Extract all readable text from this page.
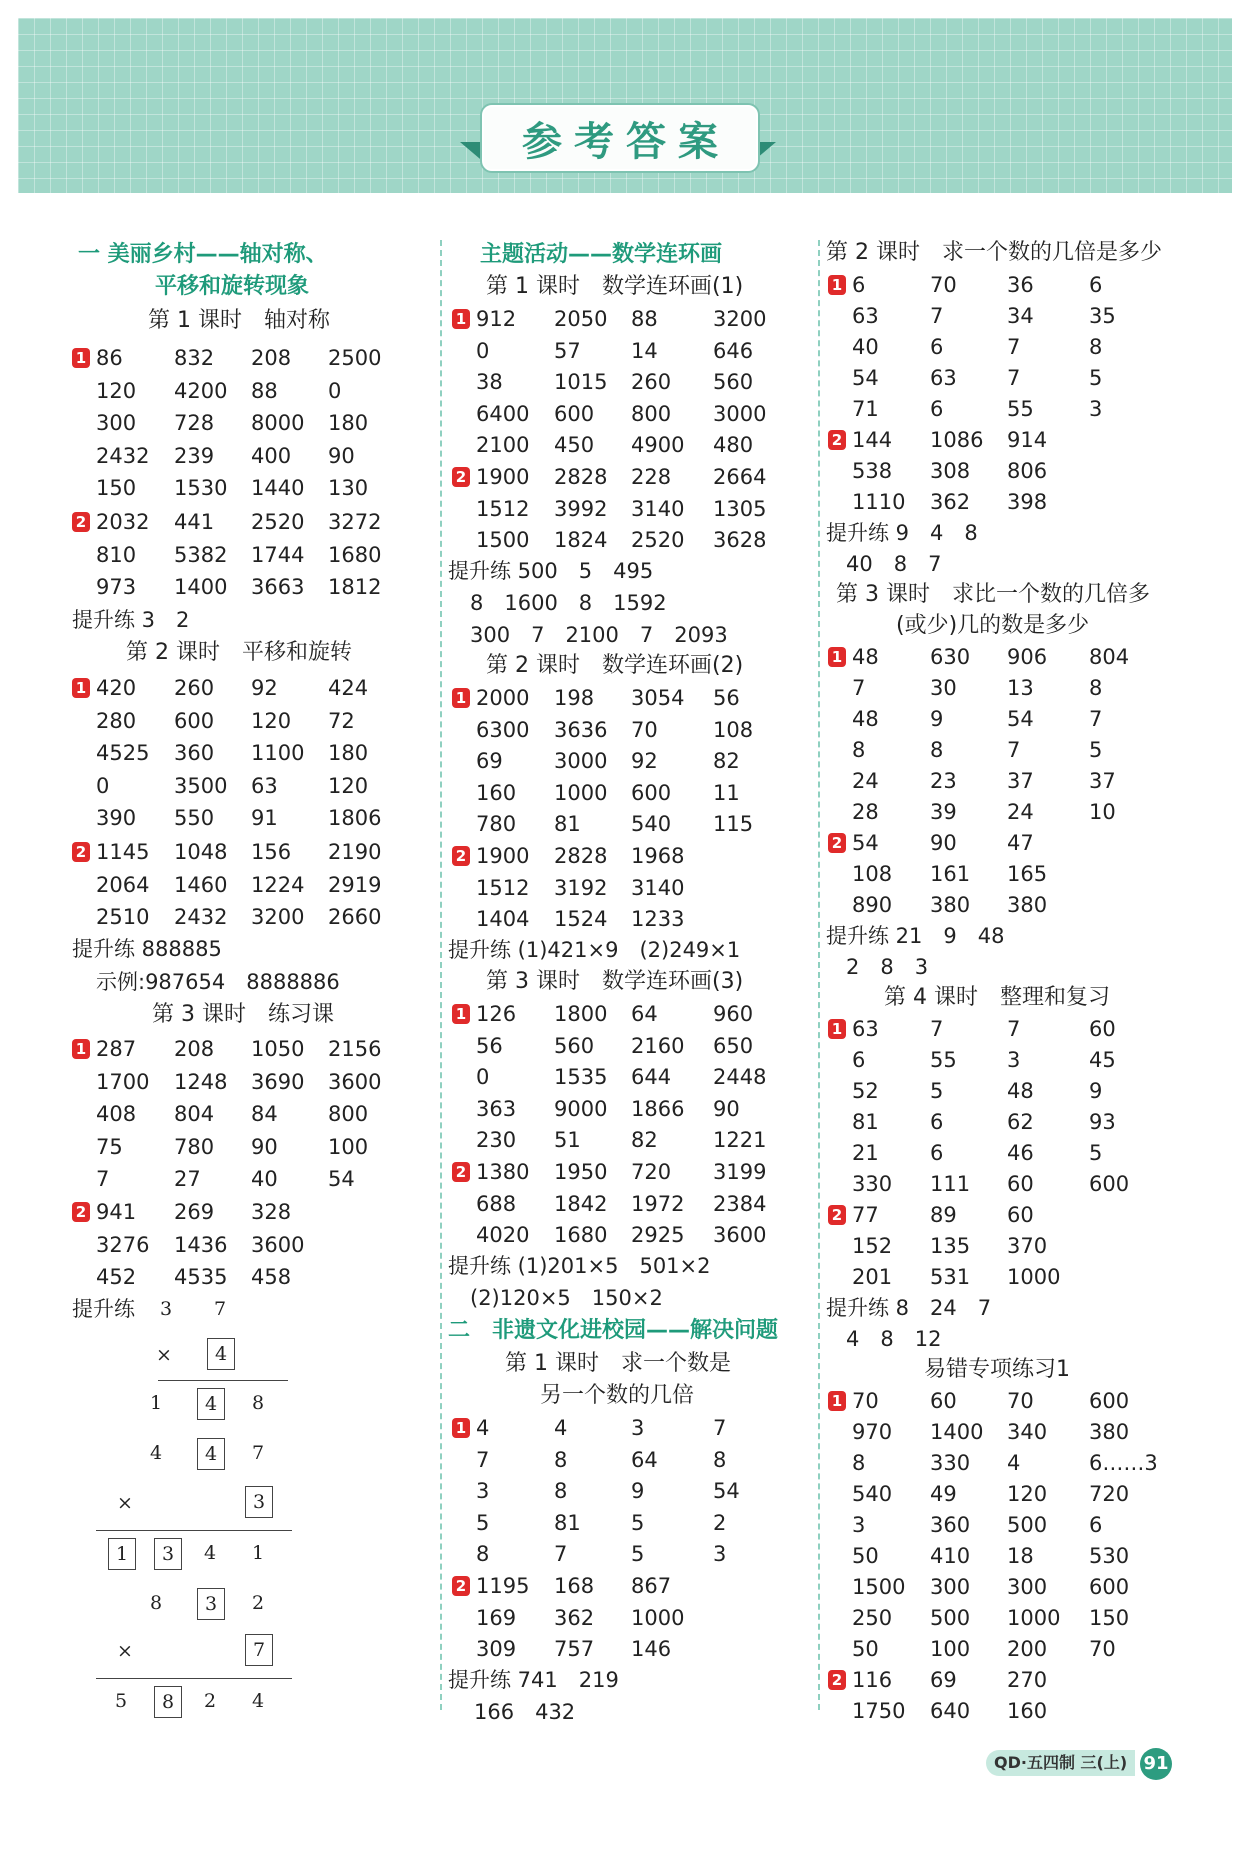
参考答案
一 美丽乡村——轴对称、
平移和旋转现象
第 1 课时　轴对称
1 86 832 208 2500
120 4200 88 0
300 728 8000 180
2432 239 400 90
150 1530 1440 130
2 2032 441 2520 3272
810 5382 1744 1680
973 1400 3663 1812
提升练 3　2
第 2 课时　平移和旋转
1 420 260 92 424
280 600 120 72
4525 360 1100 180
0	3500 63 120
390 550 91 1806
2 1145 1048 156 2190
2064 1460 1224 2919
2510 2432 3200 2660
提升练 888885
示例:987654　8888886
第 3 课时　练习课
1 287 208 1050 2156
1700 1248 3690 3600
408 804 84 800
75 780 90 100
7	27 40 54
2 941 269 328
3276 1436 3600
452 4535 458
提升练	3	7
×	4
1	4	8
4	4	7
×	3
1	3	4	1
8	3	2
×	7
5	8	2	4
主题活动——数学连环画
第 1 课时　数学连环画(1)
1 912 2050 88	3200
0	57 14	646
38 1015 260 560
6400 600 800 3000
2100 450 4900 480
2 1900 2828 228 2664
1512 3992 3140 1305
1500 1824 2520 3628
提升练 500　5　495
8　1600　8　1592
300　7　2100　7　2093
第 2 课时　数学连环画(2)
1 2000 198 3054 56
6300 3636 70	108
69 3000 92	82
160 1000 600 11
780 81 540 115
2 1900 2828 1968
1512 3192 3140
1404 1524 1233
提升练 (1)421×9　(2)249×1
第 3 课时　数学连环画(3)
1 126 1800 64	960
56 560 2160 650
0	1535 644 2448
363 9000 1866 90
230 51 82	1221
2 1380 1950 720 3199
688 1842 1972 2384
4020 1680 2925 3600
提升练 (1)201×5　501×2
(2)120×5　150×2
二　非遗文化进校园——解决问题
第 1 课时　求一个数是
另一个数的几倍
1 4	4	3	7
7	8	64	8
3	8	9	54
5	81 5	2
8	7	5	3
2 1195 168 867
169 362 1000
309 757 146
提升练 741　219
166　432
第 2 课时　求一个数的几倍是多少
1 6	70 36	6
63 7	34	35
40 6	7	8
54 63 7	5
71 6	55	3
2 144 1086 914
538 308 806
1110 362 398
提升练 9　4　8
40　8　7
第 3 课时　求比一个数的几倍多
(或少)几的数是多少
1 48 630 906 804
7	30 13	8
48 9	54	7
8	8	7	5
24 23 37	37
28 39 24	10
2 54 90 47
108 161 165
890 380 380
提升练 21　9　48
2　8　3
第 4 课时　整理和复习
1 63 7	7	60
6	55 3	45
52 5	48	9
81 6	62	93
21 6	46	5
330 111 60	600
2 77 89 60
152 135 370
201 531 1000
提升练 8　24　7
4　8　12
易错专项练习1
1 70 60 70	600
970 1400 340 380
8	330 4	6……3
540 49 120 720
3	360 500 6
50 410 18	530
1500 300 300 600
250 500 1000 150
50 100 200 70
2 116 69 270
1750 640 160
QD·五四制 三(上) 91
